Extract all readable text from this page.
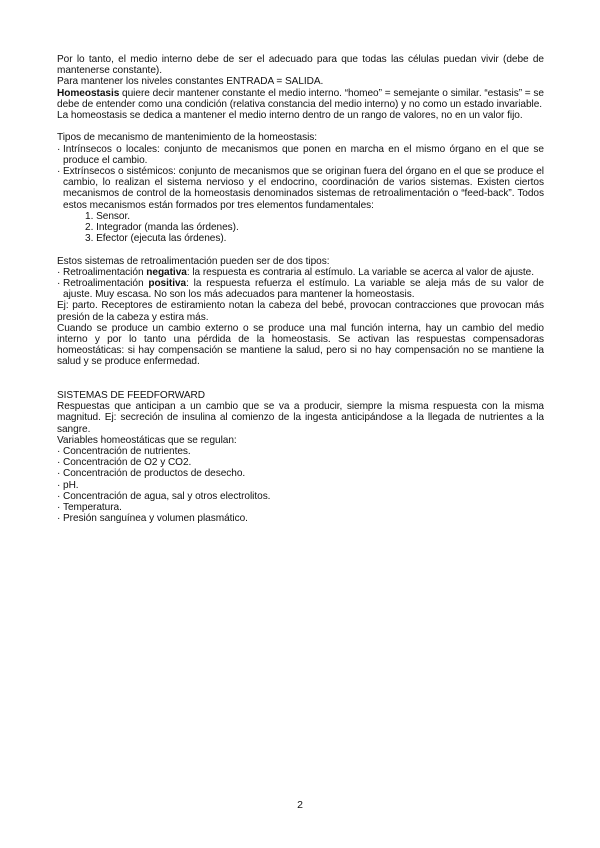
Por lo tanto, el medio interno debe de ser el adecuado para que todas las células puedan vivir (debe de mantenerse constante).

Para mantener los niveles constantes ENTRADA = SALIDA.

Homeostasis quiere decir mantener constante el medio interno. “homeo” = semejante o similar. “estasis” = se debe de entender como una condición (relativa constancia del medio interno) y no como un estado invariable.

La homeostasis se dedica a mantener el medio interno dentro de un rango de valores, no en un valor fijo.

Tipos de mecanismo de mantenimiento de la homeostasis:

· Intrínsecos o locales: conjunto de mecanismos que ponen en marcha en el mismo órgano en el que se produce el cambio.
· Extrínsecos o sistémicos: conjunto de mecanismos que se originan fuera del órgano en el que se produce el cambio, lo realizan el sistema nervioso y el endocrino, coordinación de varios sistemas. Existen ciertos mecanismos de control de la homeostasis denominados sistemas de retroalimentación o “feed-back”. Todos estos mecanismos están formados por tres elementos fundamentales:

1. Sensor.

2. Integrador (manda las órdenes).

3. Efector (ejecuta las órdenes).

Estos sistemas de retroalimentación pueden ser de dos tipos:

· Retroalimentación negativa: la respuesta es contraria al estímulo. La variable se acerca al valor de ajuste.
· Retroalimentación positiva: la respuesta refuerza el estímulo. La variable se aleja más de su valor de ajuste. Muy escasa. No son los más adecuados para mantener la homeostasis.

Ej: parto. Receptores de estiramiento notan la cabeza del bebé, provocan contracciones que provocan más presión de la cabeza y estira más.

Cuando se produce un cambio externo o se produce una mal función interna, hay un cambio del medio interno y por lo tanto una pérdida de la homeostasis. Se activan las respuestas compensadoras homeostáticas: si hay compensación se mantiene la salud, pero si no hay compensación no se mantiene la salud y se produce enfermedad.

SISTEMAS DE FEEDFORWARD

Respuestas que anticipan a un cambio que se va a producir, siempre la misma respuesta con la misma magnitud. Ej: secreción de insulina al comienzo de la ingesta anticipándose a la llegada de nutrientes a la sangre.

Variables homeostáticas que se regulan:

· Concentración de nutrientes.
· Concentración de O2 y CO2.
· Concentración de productos de desecho.
· pH.
· Concentración de agua, sal y otros electrolitos.
· Temperatura.
· Presión sanguínea y volumen plasmático.
2
